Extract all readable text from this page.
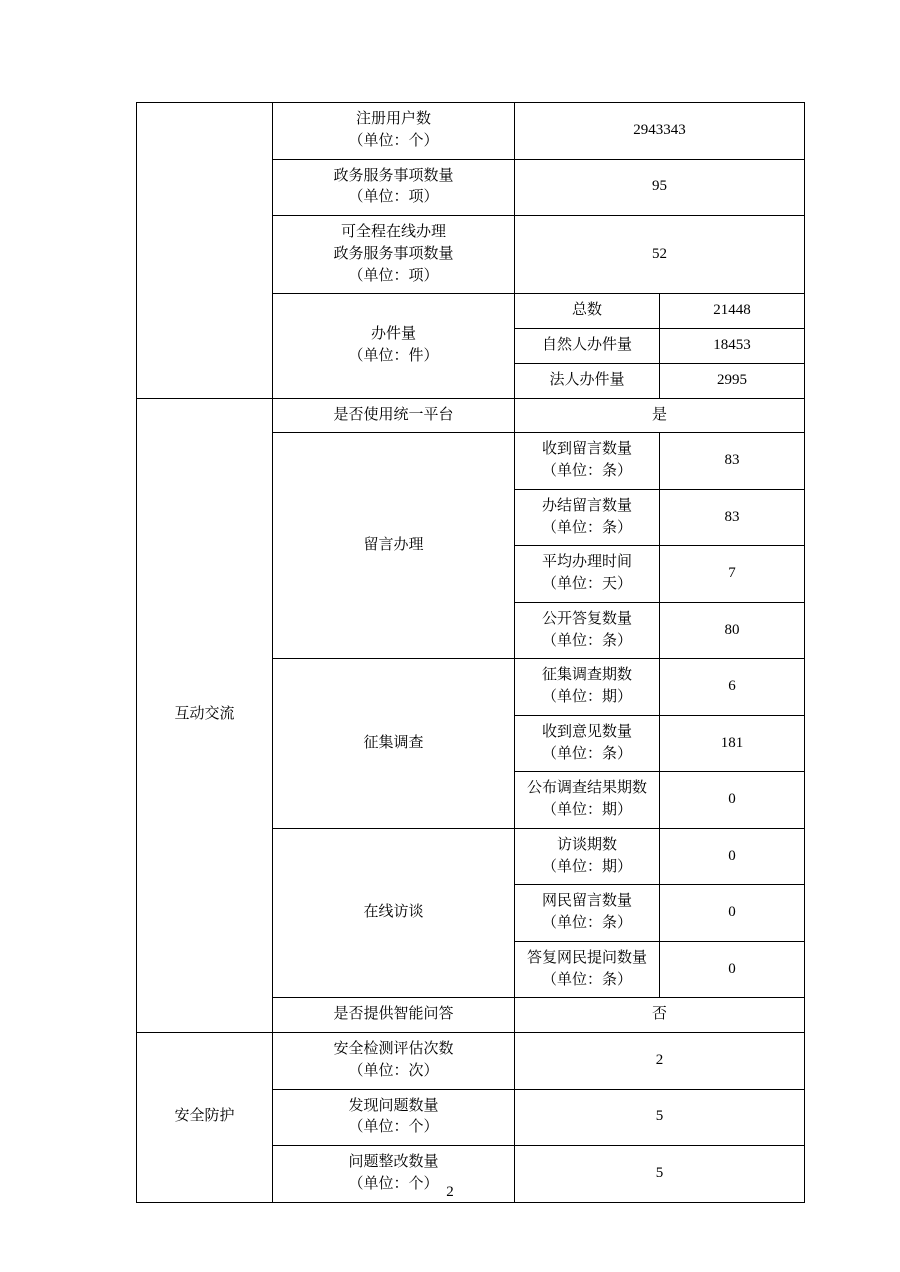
	注册用户数
（单位：个）	2943343	

	政务服务事项数量
（单位：项）	95	

	可全程在线办理
政务服务事项数量
（单位：项）	52	

	办件量
（单位：件）	总数	21448
		自然人办件量	18453
		法人办件量	2995
互动交流	是否使用统一平台	是	
	留言办理	收到留言数量
（单位：条）	83

		办结留言数量
（单位：条）	83

		平均办理时间
（单位：天）	7

		公开答复数量
（单位：条）	80
	征集调查	征集调查期数
（单位：期）	6

		收到意见数量
（单位：条）	181

		公布调查结果期数
（单位：期）	0
	在线访谈	访谈期数
（单位：期）	0

		网民留言数量
（单位：条）	0

		答复网民提问数量
（单位：条）	0
	是否提供智能问答	否	
安全防护	安全检测评估次数
（单位：次）	2	

	发现问题数量
（单位：个）	5	

	问题整改数量
（单位：个）	5	
2
